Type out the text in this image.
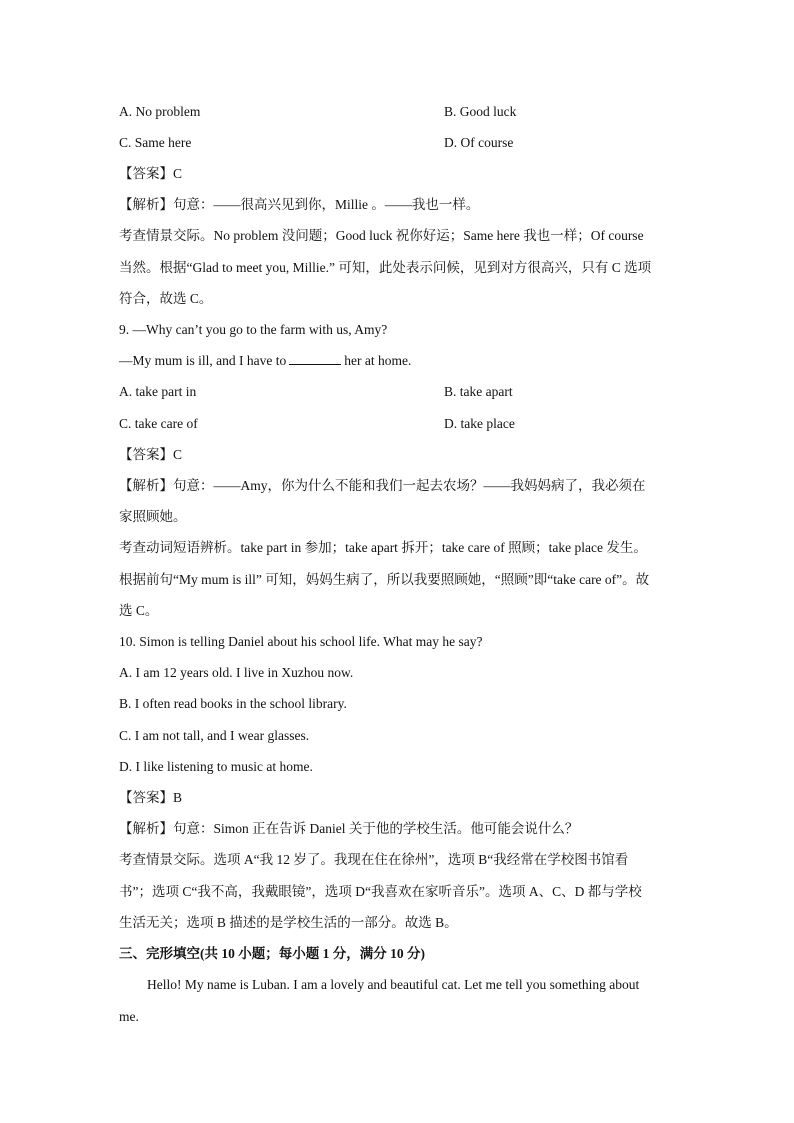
A. No problem	B. Good luck
C. Same here	D. Of course
【答案】C
【解析】句意：——很高兴见到你，Millie 。——我也一样。
考查情景交际。No problem 没问题；Good luck 祝你好运；Same here 我也一样；Of course
当然。根据“Glad to meet you, Millie.” 可知，此处表示问候，见到对方很高兴，只有 C 选项
符合，故选 C。
9. —Why can’t you go to the farm with us, Amy?
—My mum is ill, and I have to	her at home.
A. take part in	B. take apart
C. take care of	D. take place
【答案】C
【解析】句意：——Amy，你为什么不能和我们一起去农场？——我妈妈病了，我必须在
家照顾她。
考查动词短语辨析。take part in 参加；take apart 拆开；take care of 照顾；take place 发生。
根据前句“My mum is ill” 可知，妈妈生病了，所以我要照顾她，“照顾”即“take care of”。故
选 C。
10. Simon is telling Daniel about his school life. What may he say?
A. I am 12 years old. I live in Xuzhou now.
B. I often read books in the school library.
C. I am not tall, and I wear glasses.
D. I like listening to music at home.
【答案】B
【解析】句意：Simon 正在告诉 Daniel 关于他的学校生活。他可能会说什么？
考查情景交际。选项 A“我 12 岁了。我现在住在徐州”，选项 B“我经常在学校图书馆看
书”；选项 C“我不高，我戴眼镜”，选项 D“我喜欢在家听音乐”。选项 A、C、D 都与学校
生活无关；选项 B 描述的是学校生活的一部分。故选 B。
三、完形填空(共 10 小题；每小题 1 分，满分 10 分)
Hello! My name is Luban. I am a lovely and beautiful cat. Let me tell you something about
me.
